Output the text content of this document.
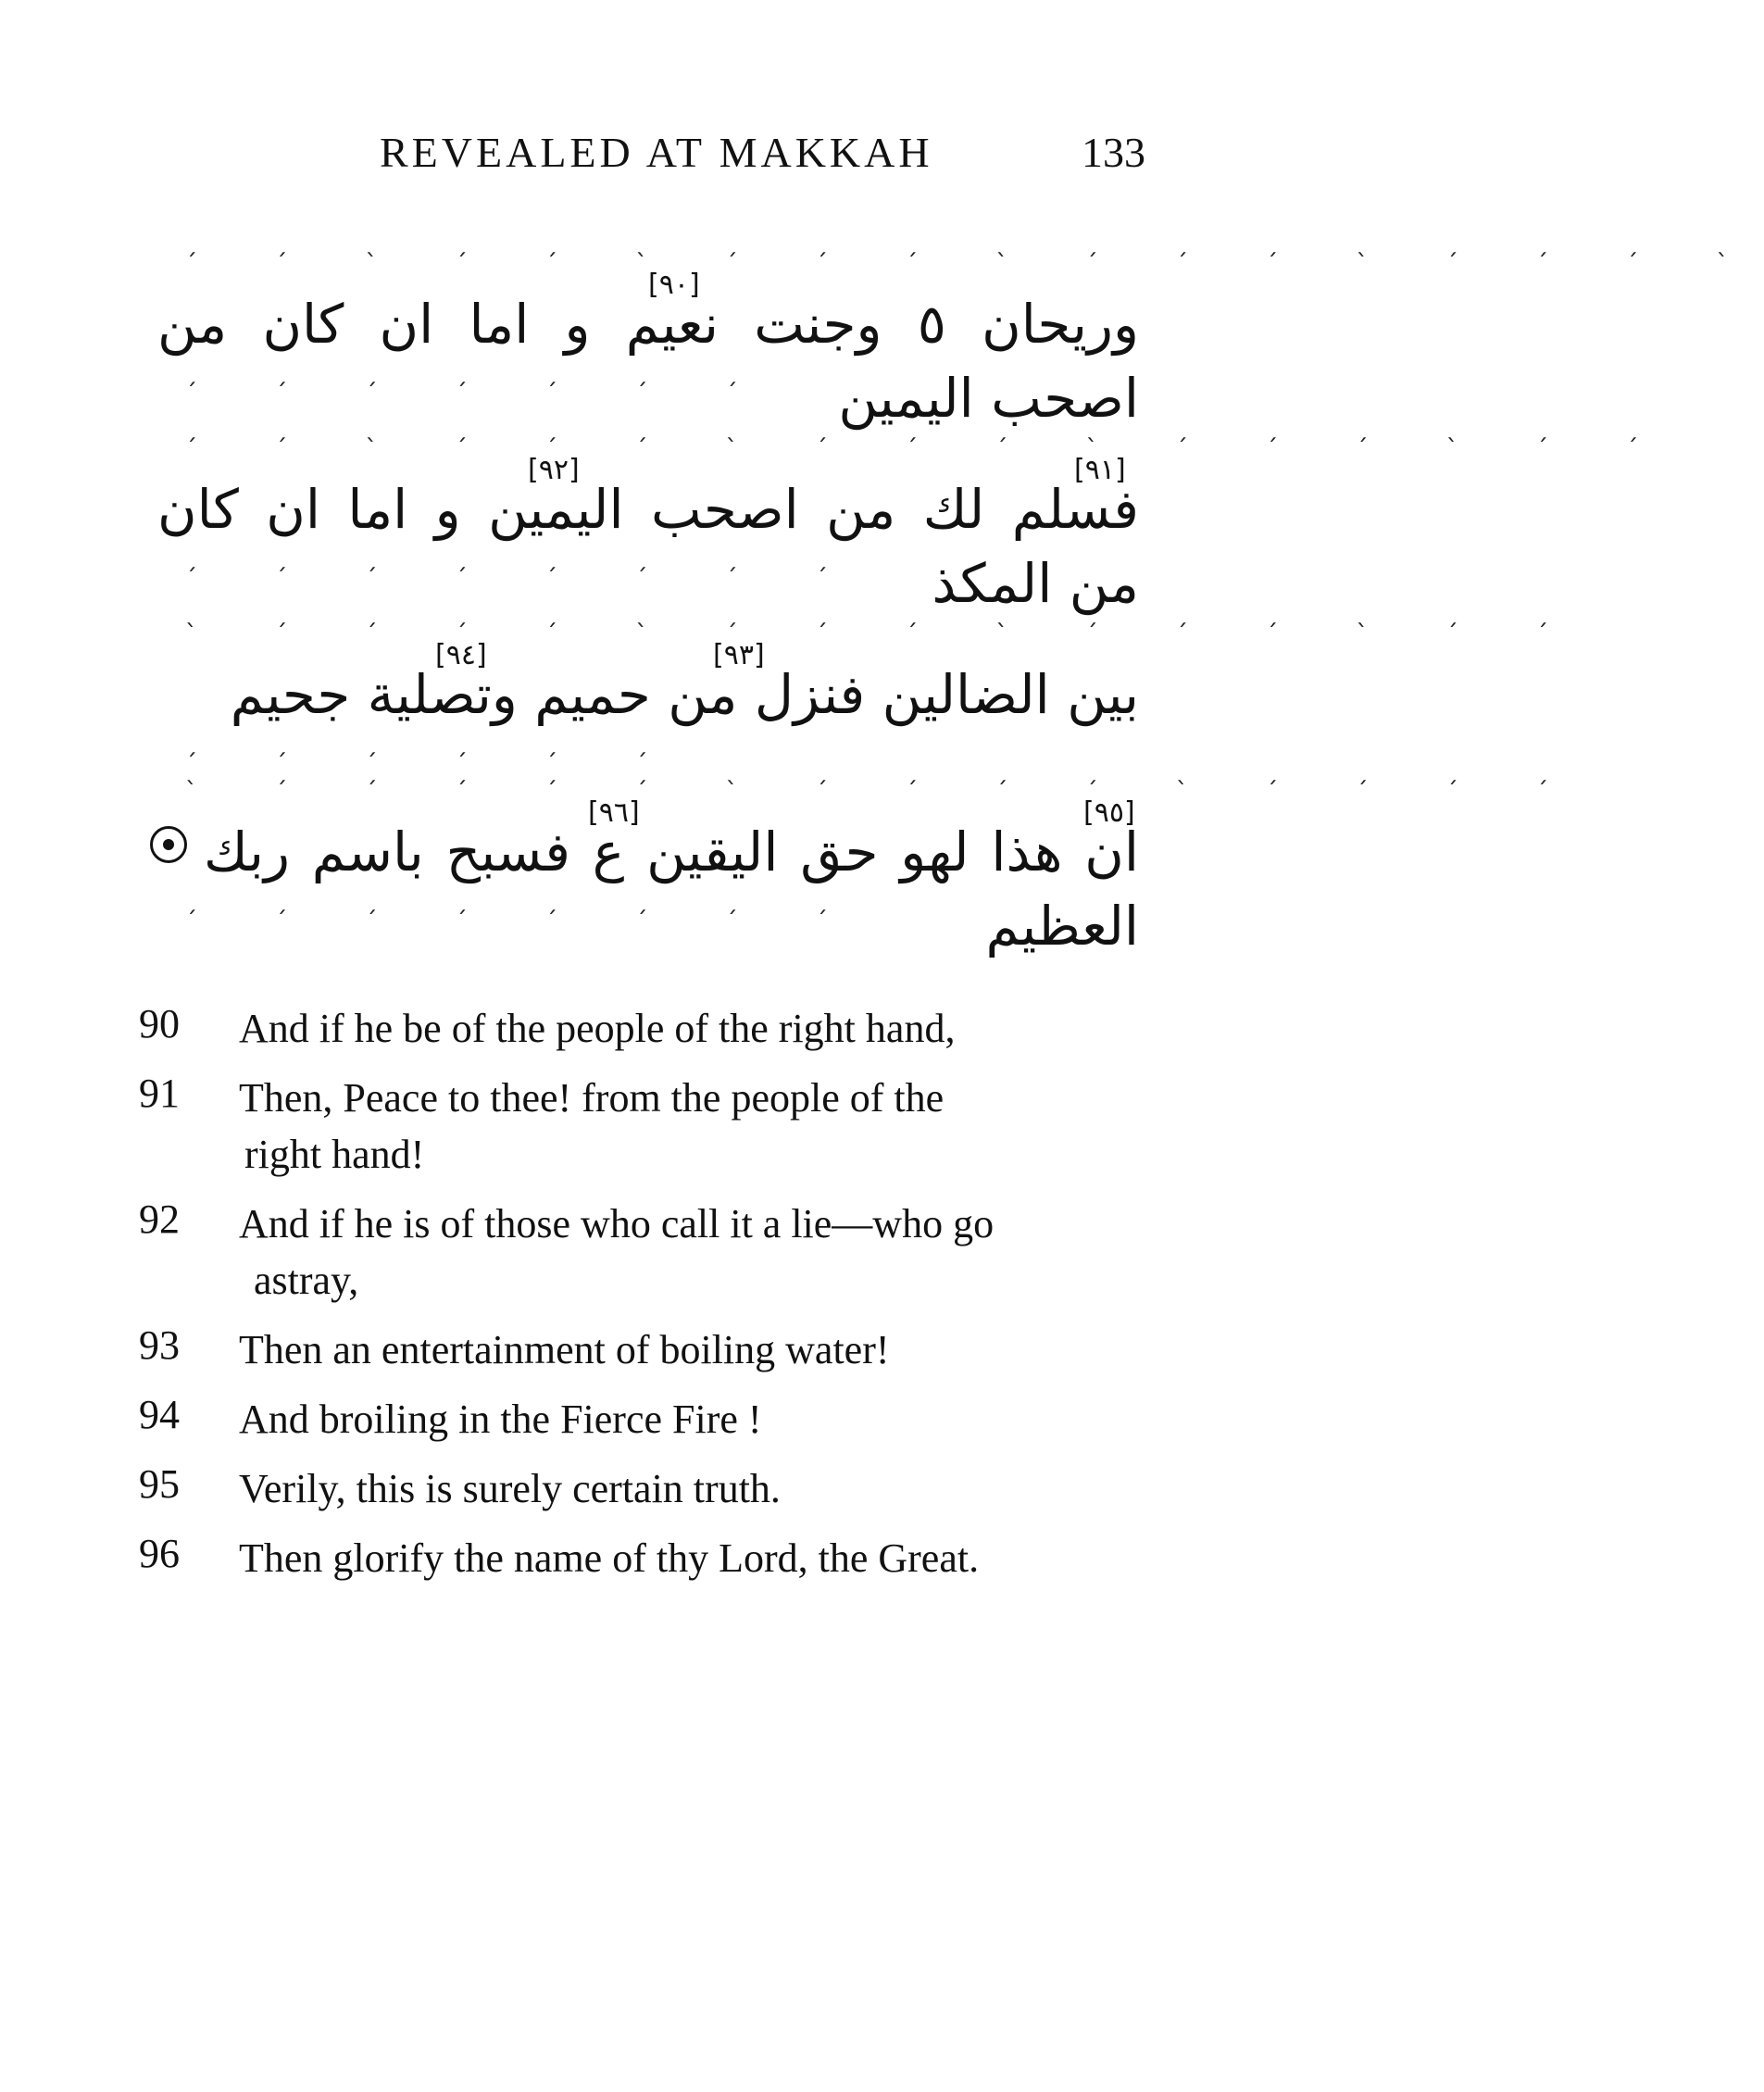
REVEALED AT MAKKAH	133
ˊ ˊ ˋ ˊ ˊ ˋ ˊ ˊ ˊ ˋ ˊ ˊ ˊ ˋ ˊ ˊ ˊ ˋ
[٩٠]
وريحان ٥ وجنت نعيم و اما ان كان من اصحب اليمين
ˏ ˏ ˏ ˏ ˏ ˏ ˏ
ˊ ˊ ˋ ˊ ˊ ˊ ˋ ˊ ˊ ˊ ˋ ˊ ˊ ˊ ˋ ˊ ˊ
[٩١]
[٩٢]
فسلم لك من اصحب اليمين و اما ان كان من المكذ
ˏ ˏ ˏ ˏ ˏ ˏ ˏ ˏ
ˋ ˊ ˊ ˊ ˊ ˋ ˊ ˊ ˊ ˋ ˊ ˊ ˊ ˋ ˊ ˊ
[٩٣]
[٩٤]
بين الضالين فنزل من حميم وتصلية جحيم
ˏ ˏ ˏ ˏ ˏ ˏ
ˋ ˊ ˊ ˊ ˊ ˊ ˋ ˊ ˊ ˊ ˊ ˋ ˊ ˊ ˊ ˊ
[٩٥]
[٩٦]
ان هذا لهو حق اليقين ع فسبح باسم ربك العظيم
ˏ ˏ ˏ ˏ ˏ ˏ ˏ ˏ
90	And if he be of the people of the right hand,
91	Then, Peace to thee! from the people of the
right hand!
92	And if he is of those who call it a lie—who go
astray,
93	Then an entertainment of boiling water!
94	And broiling in the Fierce Fire !
95	Verily, this is surely certain truth.
96	Then glorify the name of thy Lord, the Great.
